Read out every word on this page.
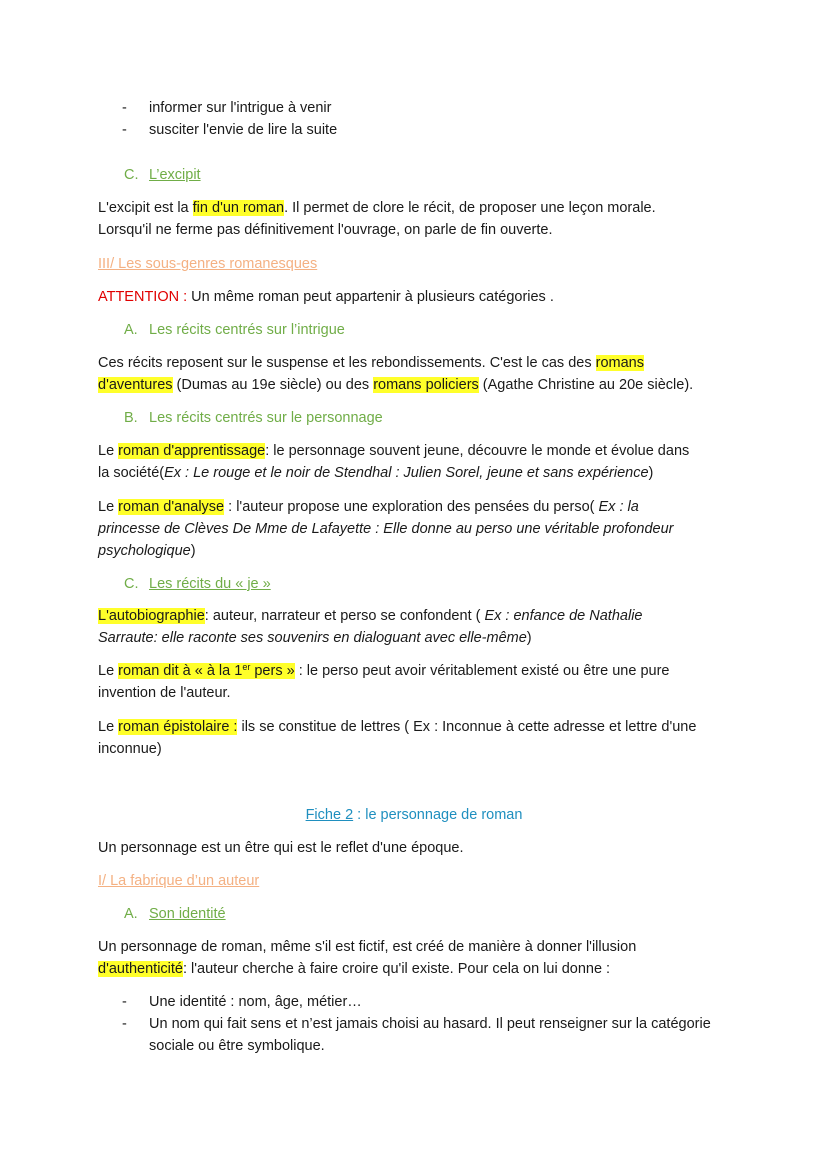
- informer sur l'intrigue à venir
- susciter l'envie de lire la suite

C. L’excipit

L'excipit est la fin d'un roman. Il permet de clore le récit, de proposer une leçon morale.
Lorsqu'il ne ferme pas définitivement l'ouvrage, on parle de fin ouverte.

III/ Les sous-genres romanesques

ATTENTION : Un même roman peut appartenir à plusieurs catégories .

A. Les récits centrés sur l’intrigue

Ces récits reposent sur le suspense et les rebondissements. C'est le cas des romans
d'aventures (Dumas au 19e siècle) ou des romans policiers (Agathe Christine au 20e siècle).

B. Les récits centrés sur le personnage

Le roman d'apprentissage: le personnage souvent jeune, découvre le monde et évolue dans
la société(Ex : Le rouge et le noir de Stendhal : Julien Sorel, jeune et sans expérience)

Le roman d'analyse : l'auteur propose une exploration des pensées du perso( Ex : la
princesse de Clèves De Mme de Lafayette : Elle donne au perso une véritable profondeur
psychologique)

C. Les récits du « je »

L'autobiographie: auteur, narrateur et perso se confondent ( Ex : enfance de Nathalie
Sarraute: elle raconte ses souvenirs en dialoguant avec elle-même)

Le roman dit à « à la 1er pers » : le perso peut avoir véritablement existé ou être une pure
invention de l'auteur.

Le roman épistolaire : ils se constitue de lettres ( Ex : Inconnue à cette adresse et lettre d'une
inconnue)

Fiche 2 : le personnage de roman

Un personnage est un être qui est le reflet d'une époque.

I/ La fabrique d’un auteur

A. Son identité

Un personnage de roman, même s'il est fictif, est créé de manière à donner l'illusion
d'authenticité: l'auteur cherche à faire croire qu'il existe. Pour cela on lui donne :

- Une identité : nom, âge, métier…
- Un nom qui fait sens et n’est jamais choisi au hasard. Il peut renseigner sur la catégorie sociale ou être symbolique.
